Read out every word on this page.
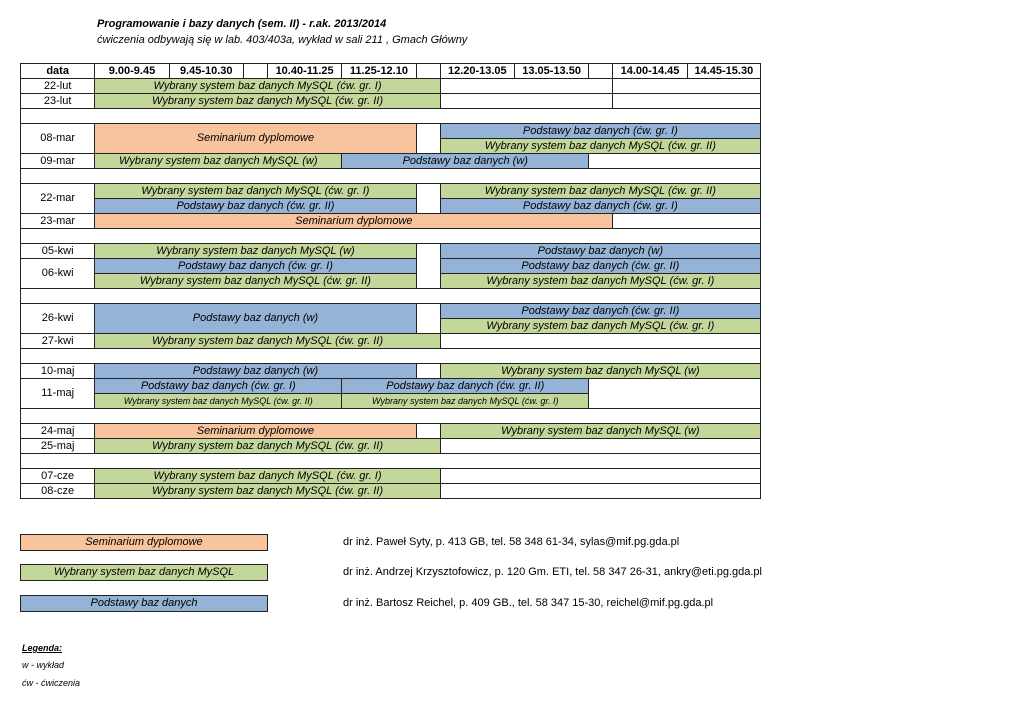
Programowanie i bazy danych (sem. II) - r.ak. 2013/2014
ćwiczenia odbywają się w lab. 403/403a, wykład w sali 211 , Gmach Główny
data	9.00-9.45	9.45-10.30		10.40-11.25	11.25-12.10		12.20-13.05	13.05-13.50		14.00-14.45	14.45-15.30
22-lut	Wybrany system baz danych MySQL (ćw. gr. I)										
23-lut	Wybrany system baz danych MySQL (ćw. gr. II)										

08-mar	Seminarium dyplomowe						Podstawy baz danych (ćw. gr. I)				
							Wybrany system baz danych MySQL (ćw. gr. II)				
09-mar	Wybrany system baz danych MySQL (w)				Podstawy baz danych (w)						

22-mar	Wybrany system baz danych MySQL (ćw. gr. I)						Wybrany system baz danych MySQL (ćw. gr. II)				
	Podstawy baz danych (ćw. gr. II)						Podstawy baz danych (ćw. gr. I)				
23-mar	Seminarium dyplomowe										

05-kwi	Wybrany system baz danych MySQL (w)						Podstawy baz danych (w)				
06-kwi	Podstawy baz danych (ćw. gr. I)						Podstawy baz danych (ćw. gr. II)				
	Wybrany system baz danych MySQL (ćw. gr. II)						Wybrany system baz danych MySQL (ćw. gr. I)				

26-kwi	Podstawy baz danych (w)						Podstawy baz danych (ćw. gr. II)				
							Wybrany system baz danych MySQL (ćw. gr. I)				
27-kwi	Wybrany system baz danych MySQL (ćw. gr. II)										

10-maj	Podstawy baz danych (w)						Wybrany system baz danych MySQL (w)				
11-maj	Podstawy baz danych (ćw. gr. I)				Podstawy baz danych (ćw. gr. II)						
	Wybrany system baz danych MySQL (ćw. gr. II)				Wybrany system baz danych MySQL (ćw. gr. I)						

24-maj	Seminarium dyplomowe						Wybrany system baz danych MySQL (w)				
25-maj	Wybrany system baz danych MySQL (ćw. gr. II)										

07-cze	Wybrany system baz danych MySQL (ćw. gr. I)										
08-cze	Wybrany system baz danych MySQL (ćw. gr. II)										
Seminarium dyplomowe
Wybrany system baz danych MySQL
Podstawy baz danych
dr inż. Paweł Syty, p. 413 GB, tel. 58 348 61-34, sylas@mif.pg.gda.pl
dr inż. Andrzej Krzysztofowicz, p. 120 Gm. ETI, tel. 58 347 26-31, ankry@eti.pg.gda.pl
dr inż. Bartosz Reichel, p. 409 GB., tel. 58 347 15-30, reichel@mif.pg.gda.pl
Legenda:
w - wykład
ćw - ćwiczenia
